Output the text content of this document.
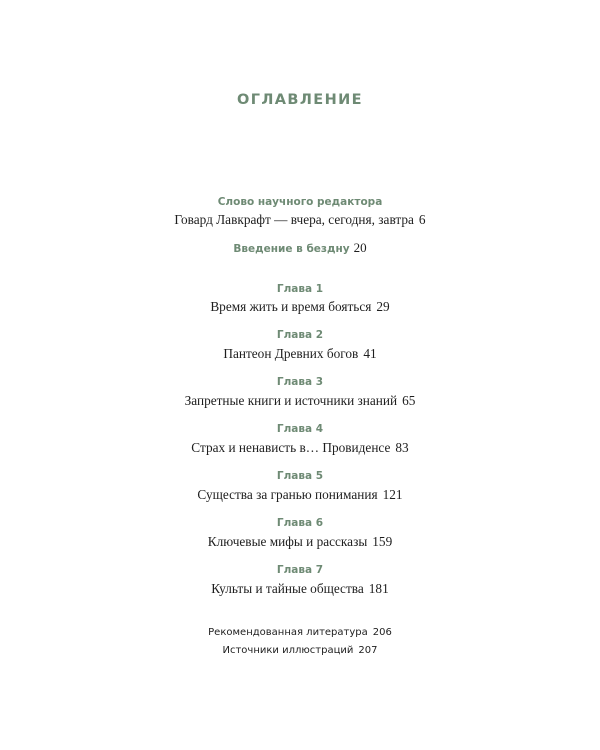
ОГЛАВЛЕНИЕ
Слово научного редактора
Говард Лавкрафт — вчера, сегодня, завтра 6
Введение в бездну 20
Глава 1
Время жить и время бояться 29
Глава 2
Пантеон Древних богов 41
Глава 3
Запретные книги и источники знаний 65
Глава 4
Страх и ненависть в… Провиденсе 83
Глава 5
Существа за гранью понимания 121
Глава 6
Ключевые мифы и рассказы 159
Глава 7
Культы и тайные общества 181
Рекомендованная литература 206
Источники иллюстраций 207
